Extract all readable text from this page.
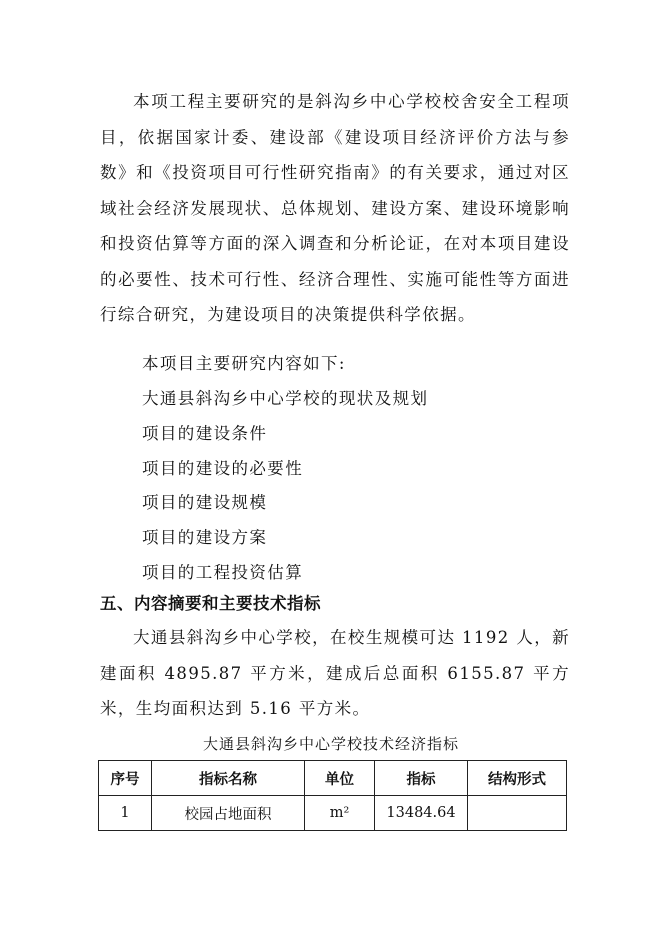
本项工程主要研究的是斜沟乡中心学校校舍安全工程项目，依据国家计委、建设部《建设项目经济评价方法与参数》和《投资项目可行性研究指南》的有关要求，通过对区域社会经济发展现状、总体规划、建设方案、建设环境影响和投资估算等方面的深入调查和分析论证，在对本项目建设的必要性、技术可行性、经济合理性、实施可能性等方面进行综合研究，为建设项目的决策提供科学依据。

本项目主要研究内容如下:

大通县斜沟乡中心学校的现状及规划

项目的建设条件

项目的建设的必要性

项目的建设规模

项目的建设方案

项目的工程投资估算

五、内容摘要和主要技术指标

大通县斜沟乡中心学校，在校生规模可达 1192 人，新建面积 4895.87 平方米，建成后总面积 6155.87 平方米，生均面积达到 5.16 平方米。

大通县斜沟乡中心学校技术经济指标

序号	指标名称	单位	指标	结构形式
1	校园占地面积	m²	13484.64	
